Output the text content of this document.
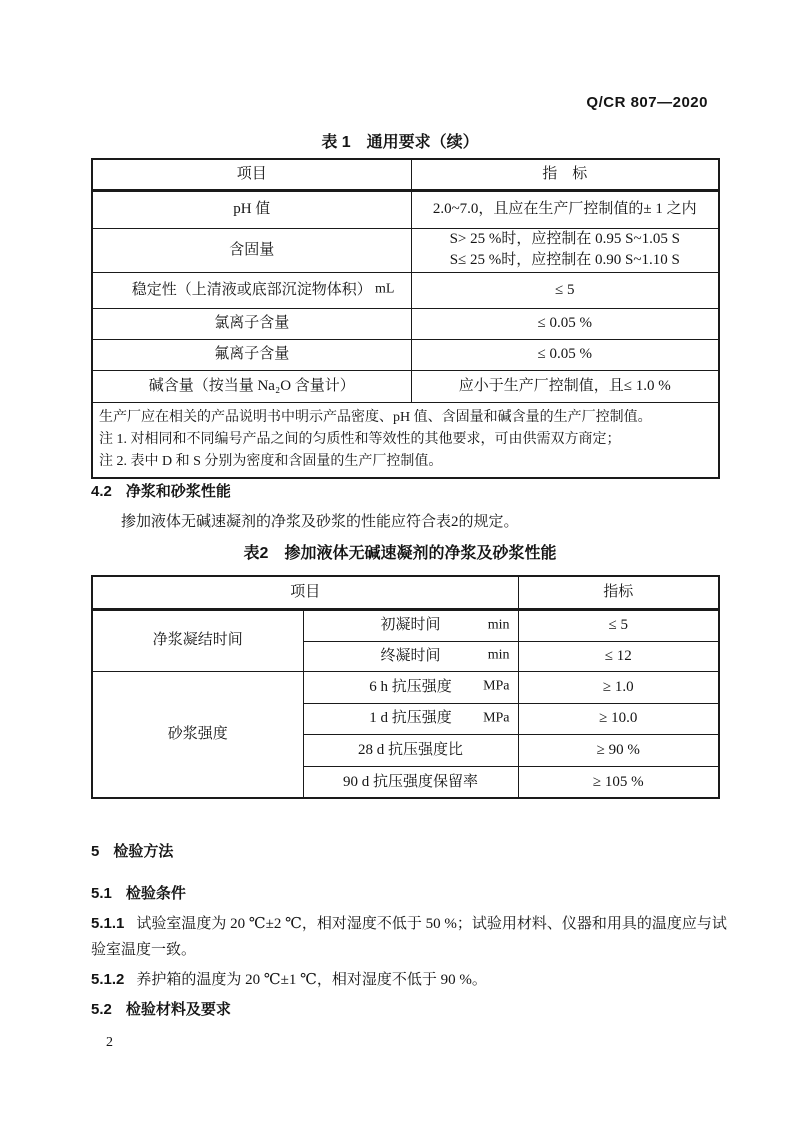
Q/CR 807—2020
表 1　通用要求（续）
项目	指　标
pH 值	2.0~7.0，且应在生产厂控制值的± 1 之内
含固量	S> 25 %时，应控制在 0.95 S~1.05 S
S≤ 25 %时，应控制在 0.90 S~1.10 S

稳定性（上清液或底部沉淀物体积） mL	≤ 5
氯离子含量	≤ 0.05 %
氟离子含量	≤ 0.05 %
碱含量（按当量 Na₂O 含量计）	应小于生产厂控制值，且≤ 1.0 %

生产厂应在相关的产品说明书中明示产品密度、pH 值、含固量和碱含量的生产厂控制值。
注 1. 对相同和不同编号产品之间的匀质性和等效性的其他要求，可由供需双方商定；
注 2. 表中 D 和 S 分别为密度和含固量的生产厂控制值。	
4.2 净浆和砂浆性能
掺加液体无碱速凝剂的净浆及砂浆的性能应符合表2的规定。
表2　掺加液体无碱速凝剂的净浆及砂浆性能
项目		指标
净浆凝结时间	初凝时间 min	≤ 5

	终凝时间 min	≤ 12
砂浆强度	6 h 抗压强度 MPa	≥ 1.0

	1 d 抗压强度 MPa	≥ 10.0
	28 d 抗压强度比	≥ 90 %
	90 d 抗压强度保留率	≥ 105 %
5 检验方法
5.1 检验条件
5.1.1 试验室温度为 20 ℃±2 ℃，相对湿度不低于 50 %；试验用材料、仪器和用具的温度应与试
验室温度一致。
5.1.2 养护箱的温度为 20 ℃±1 ℃，相对湿度不低于 90 %。
5.2 检验材料及要求
2
